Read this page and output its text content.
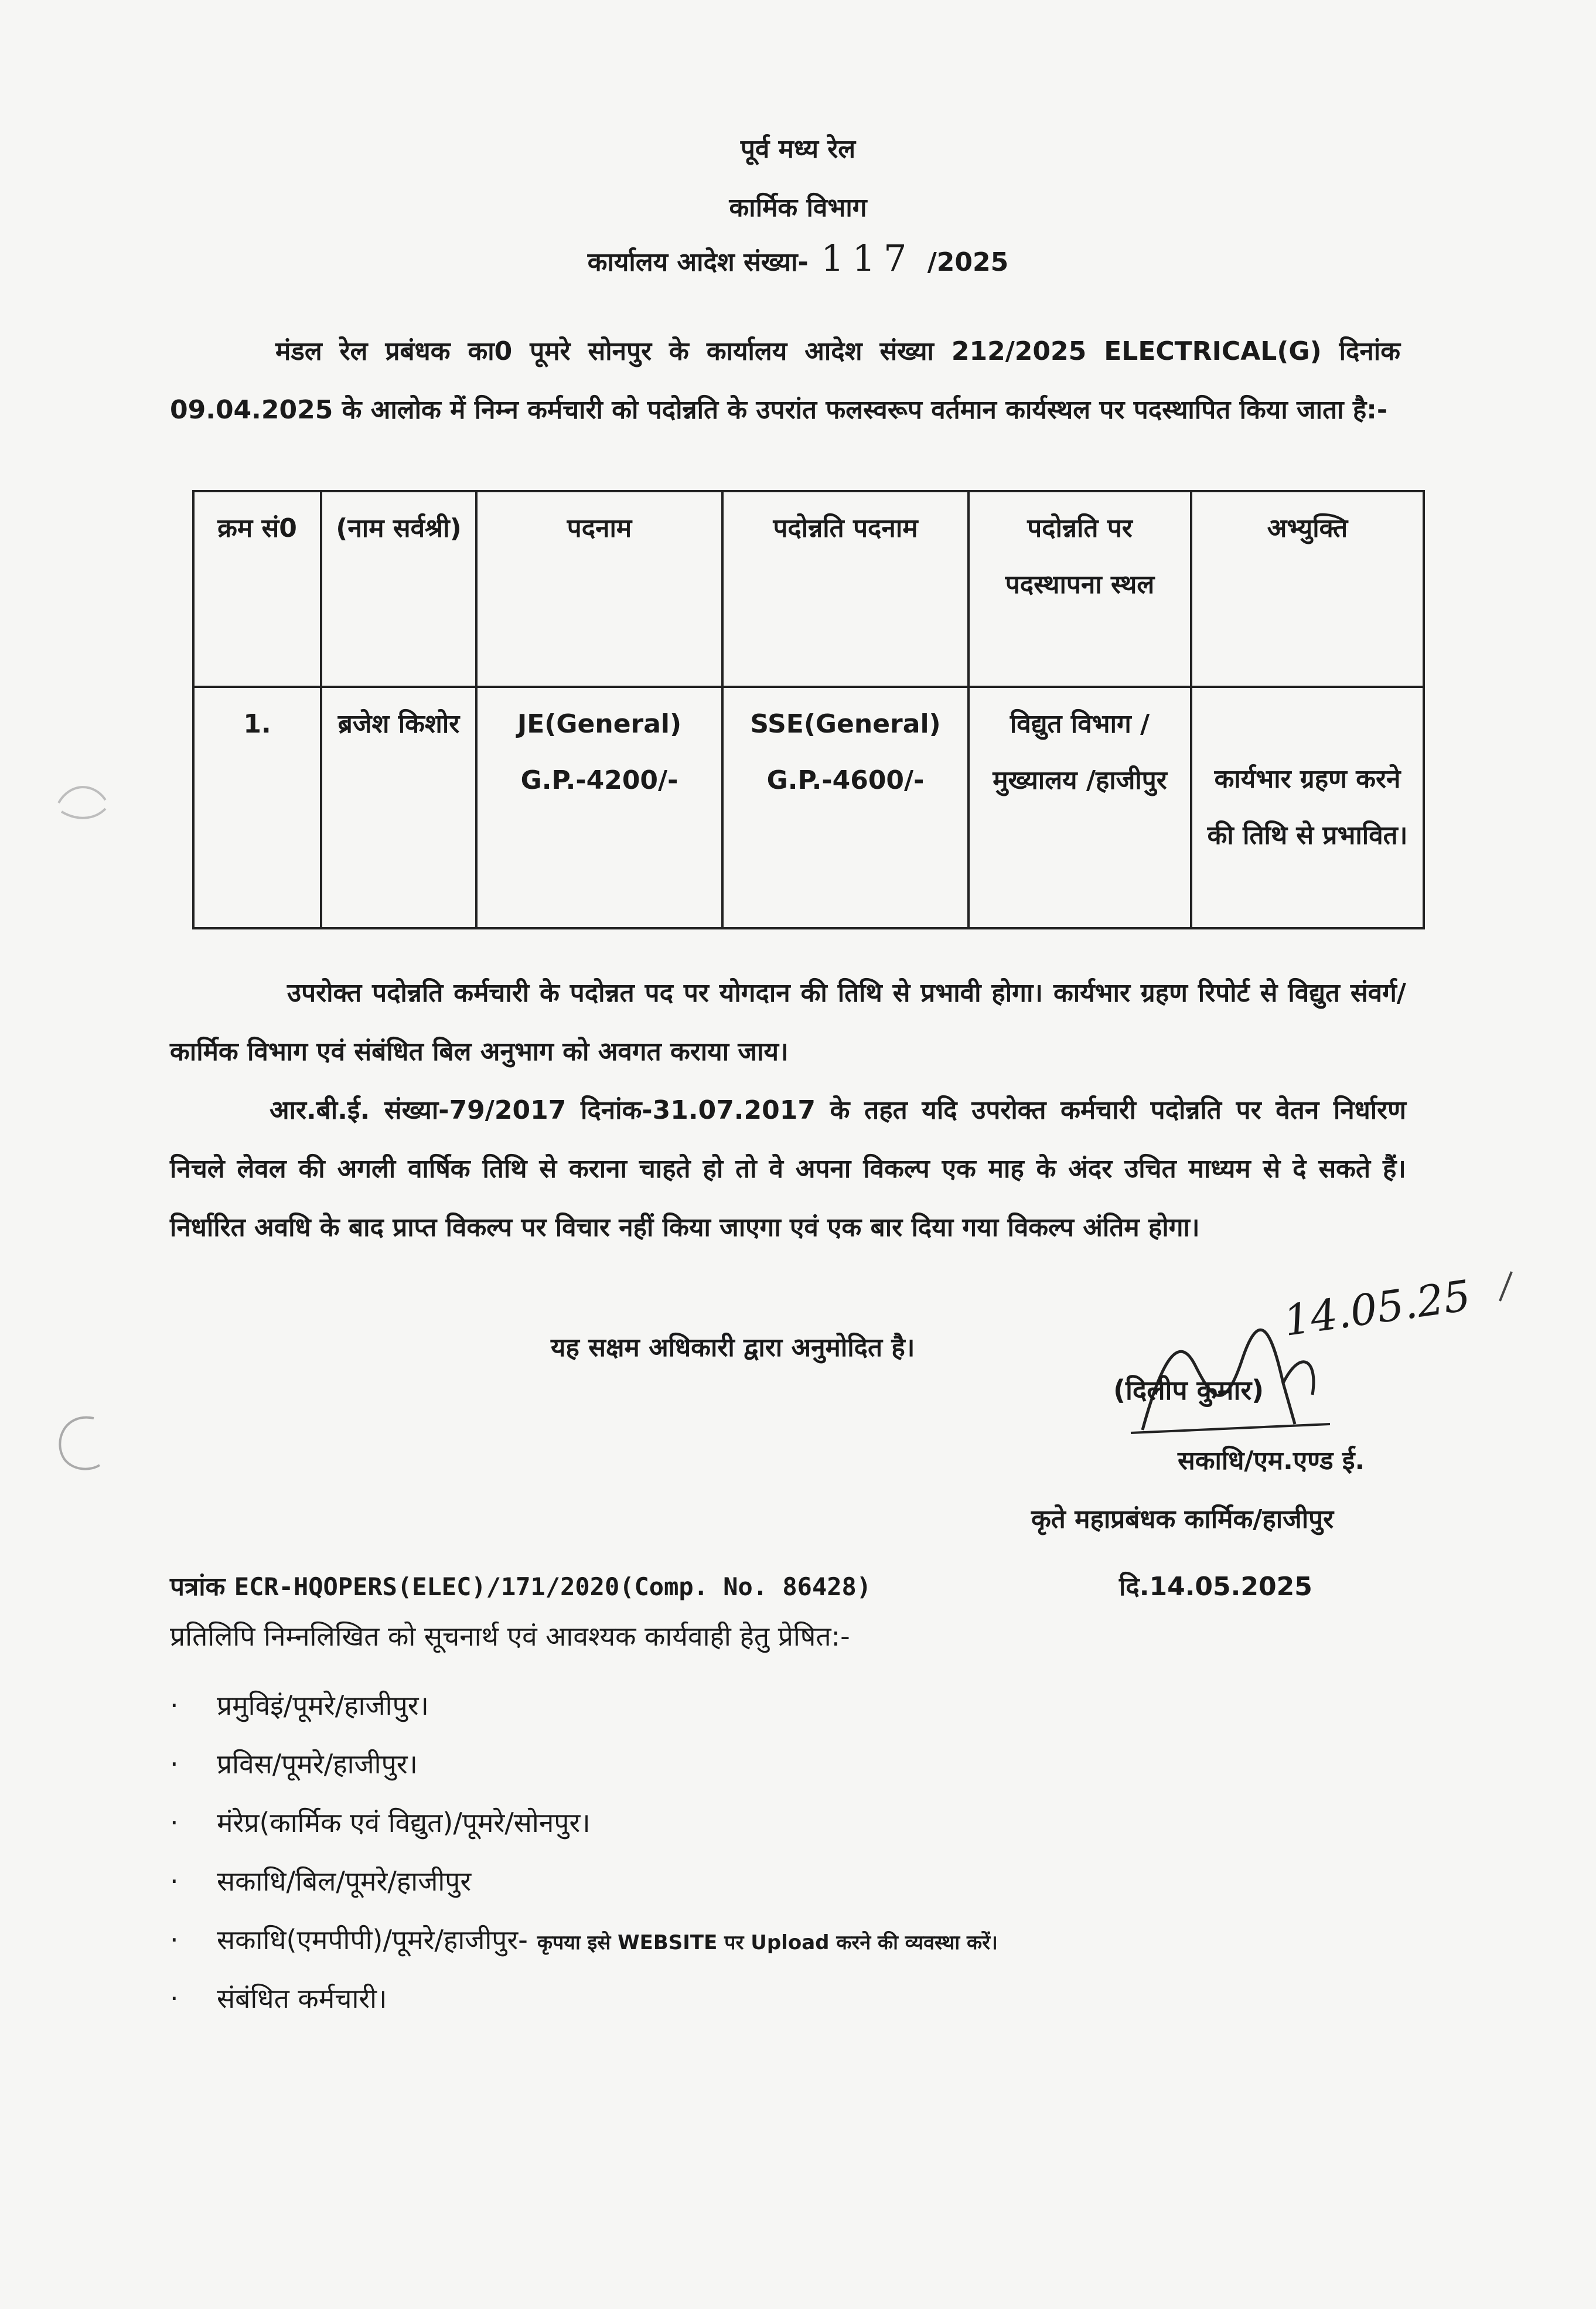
पूर्व मध्य रेल
कार्मिक विभाग
कार्यालय आदेश संख्या- 117 /2025
मंडल रेल प्रबंधक का0 पूमरे सोनपुर के कार्यालय आदेश संख्या 212/2025 ELECTRICAL(G) दिनांक 09.04.2025 के आलोक में निम्न कर्मचारी को पदोन्नति के उपरांत फलस्वरूप वर्तमान कार्यस्थल पर पदस्थापित किया जाता है:-
क्रम सं0	(नाम सर्वश्री)	पदनाम	पदोन्नति पदनाम	पदोन्नति पर पदस्थापना स्थल	अभ्युक्ति
1.	ब्रजेश किशोर	JE(General) G.P.-4200/-	SSE(General) G.P.-4600/-	विद्युत विभाग / मुख्यालय /हाजीपुर	कार्यभार ग्रहण करने की तिथि से प्रभावित।
उपरोक्त पदोन्नति कर्मचारी के पदोन्नत पद पर योगदान की तिथि से प्रभावी होगा। कार्यभार ग्रहण रिपोर्ट से विद्युत संवर्ग/कार्मिक विभाग एवं संबंधित बिल अनुभाग को अवगत कराया जाय।
आर.बी.ई. संख्या-79/2017 दिनांक-31.07.2017 के तहत यदि उपरोक्त कर्मचारी पदोन्नति पर वेतन निर्धारण निचले लेवल की अगली वार्षिक तिथि से कराना चाहते हो तो वे अपना विकल्प एक माह के अंदर उचित माध्यम से दे सकते हैं। निर्धारित अवधि के बाद प्राप्त विकल्प पर विचार नहीं किया जाएगा एवं एक बार दिया गया विकल्प अंतिम होगा।
यह सक्षम अधिकारी द्वारा अनुमोदित है।
14.05.25
(दिलीप कुमार)
सकाधि/एम.एण्ड ई.
कृते महाप्रबंधक कार्मिक/हाजीपुर
पत्रांक ECR-HQOPERS(ELEC)/171/2020(Comp. No. 86428)	दि.14.05.2025
प्रतिलिपि निम्नलिखित को सूचनार्थ एवं आवश्यक कार्यवाही हेतु प्रेषित:-
· प्रमुविइं/पूमरे/हाजीपुर।
· प्रविस/पूमरे/हाजीपुर।
· मंरेप्र(कार्मिक एवं विद्युत)/पूमरे/सोनपुर।
· सकाधि/बिल/पूमरे/हाजीपुर
· सकाधि(एमपीपी)/पूमरे/हाजीपुर- कृपया इसे WEBSITE पर Upload करने की व्यवस्था करें।
· संबंधित कर्मचारी।
